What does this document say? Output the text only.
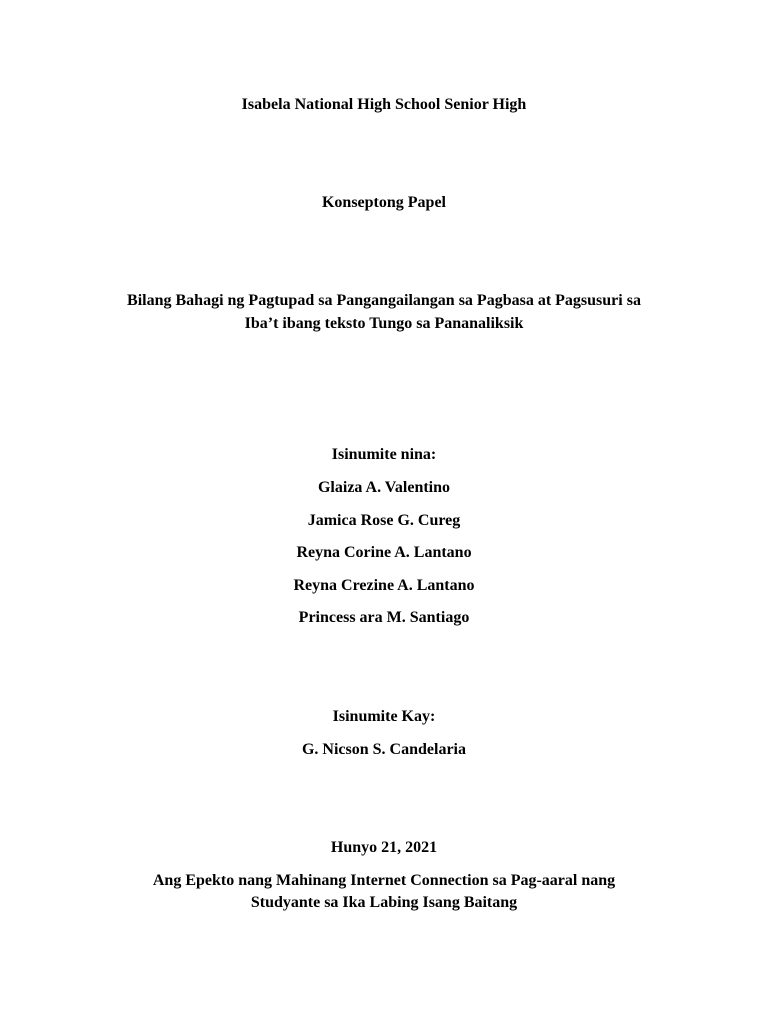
Isabela National High School Senior High
Konseptong Papel
Bilang Bahagi ng Pagtupad sa Pangangailangan sa Pagbasa at Pagsusuri sa
Iba’t ibang teksto Tungo sa Pananaliksik
Isinumite nina:
Glaiza A. Valentino
Jamica Rose G. Cureg
Reyna Corine A. Lantano
Reyna Crezine A. Lantano
Princess ara M. Santiago
Isinumite Kay:
G. Nicson S. Candelaria
Hunyo 21, 2021
Ang Epekto nang Mahinang Internet Connection sa Pag-aaral nang
Studyante sa Ika Labing Isang Baitang
